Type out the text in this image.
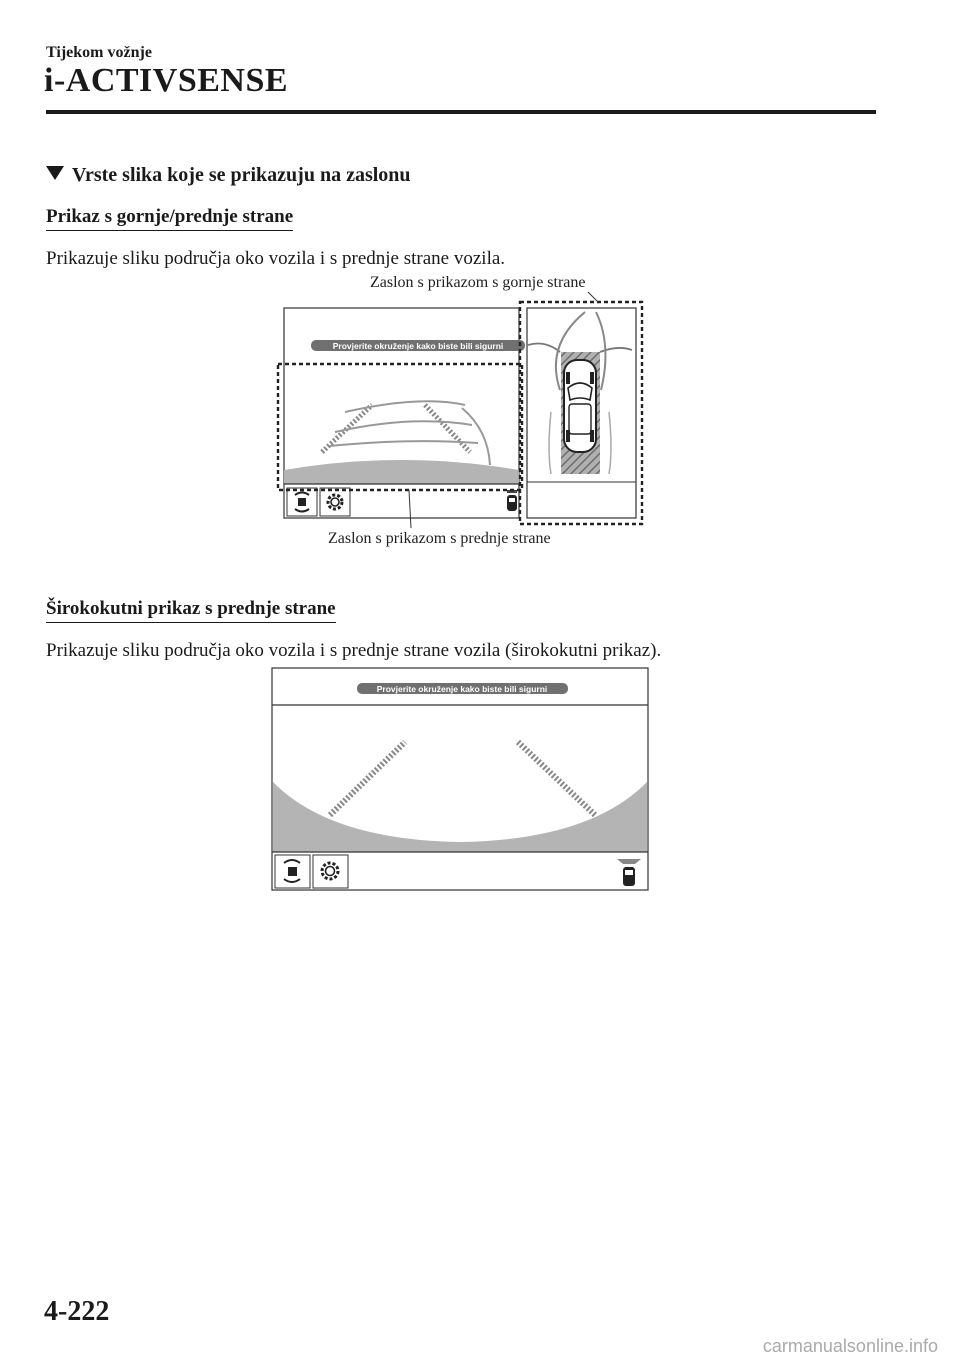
Tijekom vožnje
i-ACTIVSENSE
Vrste slika koje se prikazuju na zaslonu
Prikaz s gornje/prednje strane
Prikazuje sliku područja oko vozila i s prednje strane vozila.
Zaslon s prikazom s gornje strane
Provjerite okruženje kako biste bili sigurni
Zaslon s prikazom s prednje strane
Širokokutni prikaz s prednje strane
Prikazuje sliku područja oko vozila i s prednje strane vozila (širokokutni prikaz).
Provjerite okruženje kako biste bili sigurni
4-222
carmanualsonline.info
